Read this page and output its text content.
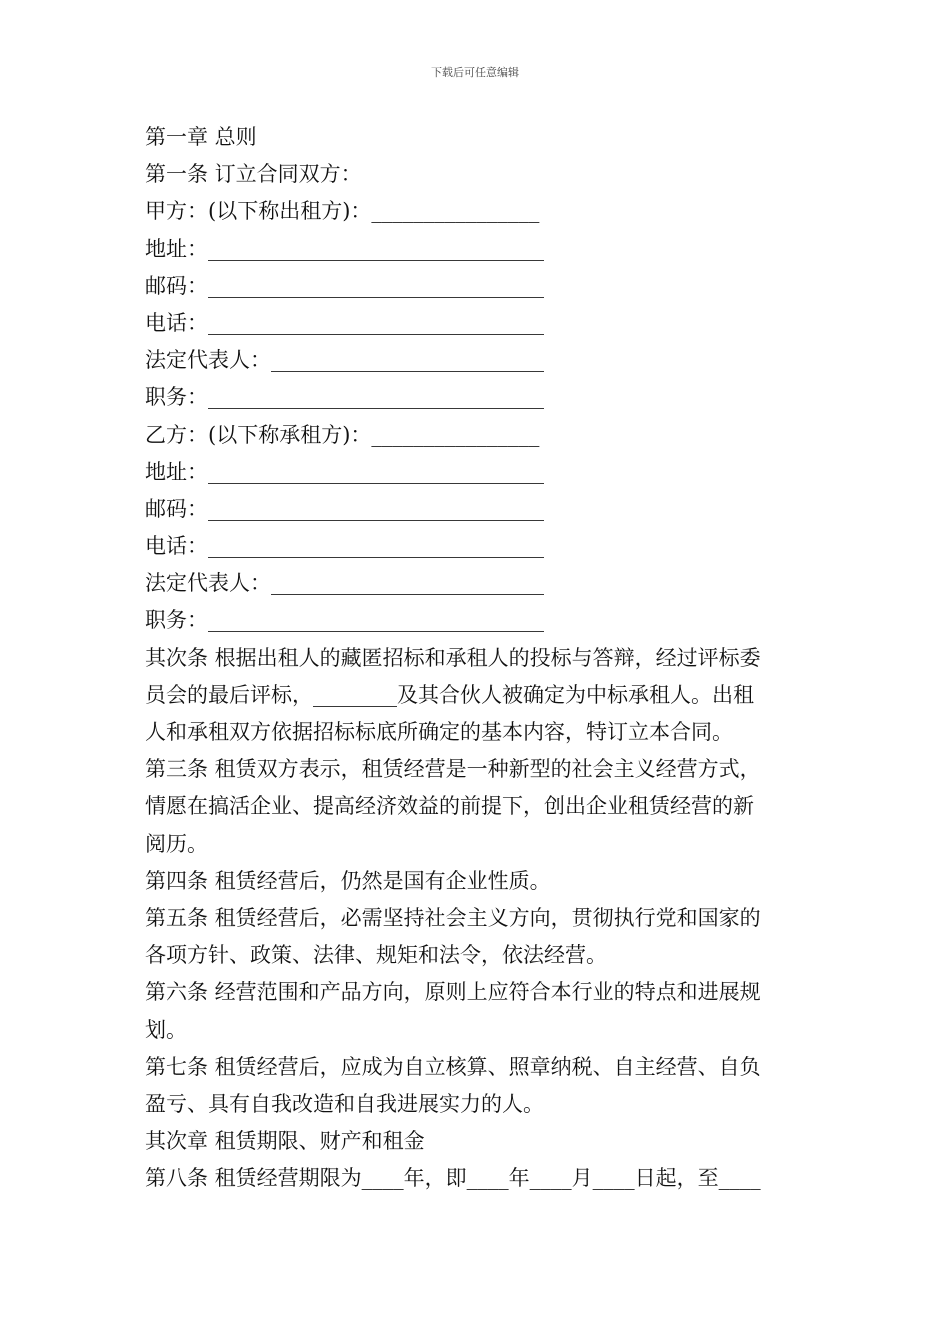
下载后可任意编辑
第一章 总则
第一条 订立合同双方：
甲方：(以下称出租方)：________________
地址：________________________________
邮码：________________________________
电话：________________________________
法定代表人：__________________________
职务：________________________________
乙方：(以下称承租方)：________________
地址：________________________________
邮码：________________________________
电话：________________________________
法定代表人：__________________________
职务：________________________________
其次条 根据出租人的藏匿招标和承租人的投标与答辩，经过评标委
员会的最后评标，________及其合伙人被确定为中标承租人。出租
人和承租双方依据招标标底所确定的基本内容，特订立本合同。
第三条 租赁双方表示，租赁经营是一种新型的社会主义经营方式，
情愿在搞活企业、提高经济效益的前提下，创出企业租赁经营的新
阅历。
第四条 租赁经营后，仍然是国有企业性质。
第五条 租赁经营后，必需坚持社会主义方向，贯彻执行党和国家的
各项方针、政策、法律、规矩和法令，依法经营。
第六条 经营范围和产品方向，原则上应符合本行业的特点和进展规
划。
第七条 租赁经营后，应成为自立核算、照章纳税、自主经营、自负
盈亏、具有自我改造和自我进展实力的人。
其次章 租赁期限、财产和租金
第八条 租赁经营期限为____年，即____年____月____日起，至____
